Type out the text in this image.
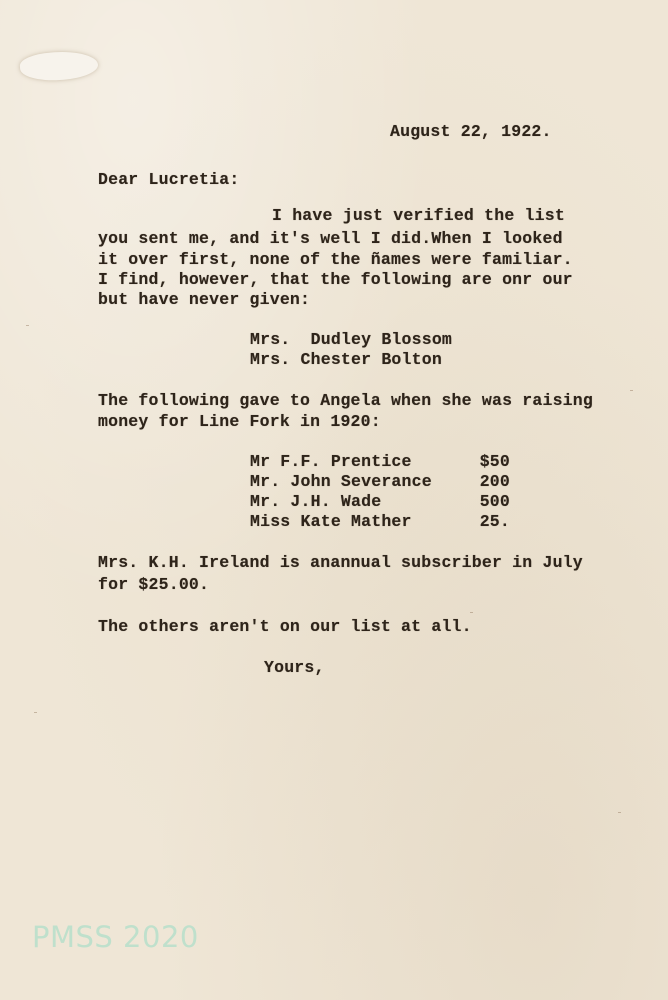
August 22, 1922.
Dear Lucretia:
I have just verified the list
you sent me, and it's well I did.When I looked
it over first, none of the ñames were familiar.
I find, however, that the following are onr our
but have never given:
Mrs.  Dudley Blossom
Mrs. Chester Bolton
The following gave to Angela when she was raising
money for Line Fork in 1920:
Mr F.F. Prentice	$50
Mr. John Severance	200
Mr. J.H. Wade	500
Miss Kate Mather	25.
Mrs. K.H. Ireland is anannual subscriber in July
for $25.00.
The others aren't on our list at all.
Yours,
PMSS 2020
